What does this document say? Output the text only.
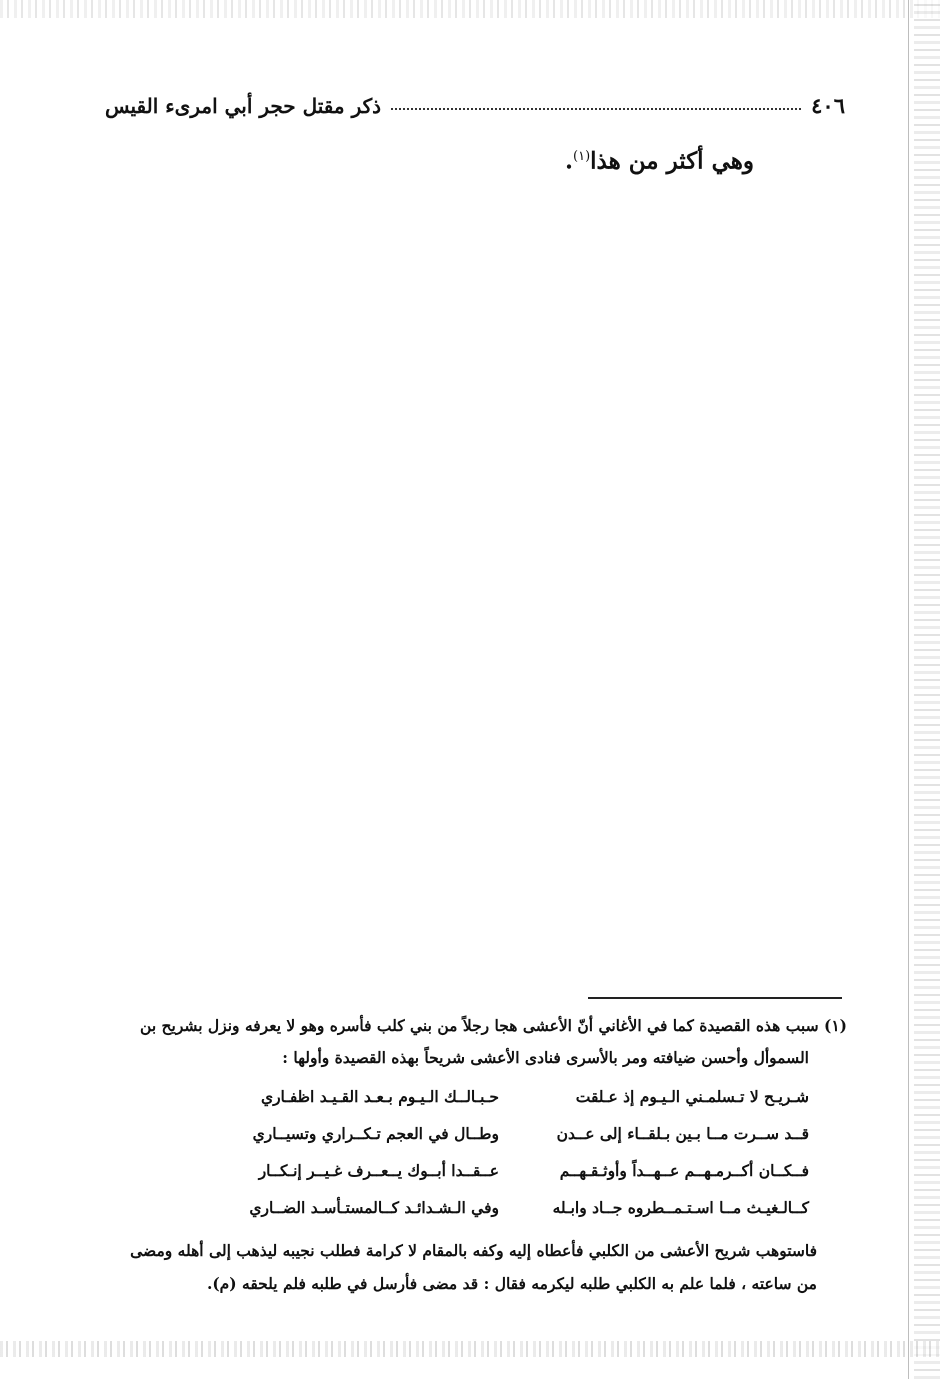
٤٠٦
ذكر مقتل حجر أبي امرىء القيس
وهي أكثر من هذا$^{(١)}$.

(١) سبب هذه القصيدة كما في الأغاني أنّ الأعشى هجا رجلاً من بني كلب فأسره وهو لا يعرفه ونزل بشريح بن

السموأل وأحسن ضيافته ومر بالأسرى فنادى الأعشى شريحاً بهذه القصيدة وأولها :

شـريـح لا تـسلمـني الـيـوم إذ عـلقت
حـبـالــك الـيـوم بـعـد القـيـد اظفـاري
قــد ســرت مــا بـين بـلقــاء إلى عــدن
وطــال في العجم تـكــراري وتسيــاري
فــكــان أكــرمـهــم عــهــداً وأوثـقـهــم
عــقــدا أبــوك يــعــرف غـيــر إنـكــار
كــالـغيـث مــا اسـتـمــطروه جــاد وابـله
وفي الـشـدائـد كــالمستـأسـد الضــاري

فاستوهب شريح الأعشى من الكلبي فأعطاه إليه وكفه بالمقام لا كرامة فطلب نجيبه ليذهب إلى أهله ومضى

من ساعته ، فلما علم به الكلبي طلبه ليكرمه فقال : قد مضى فأرسل في طلبه فلم يلحقه (م).
